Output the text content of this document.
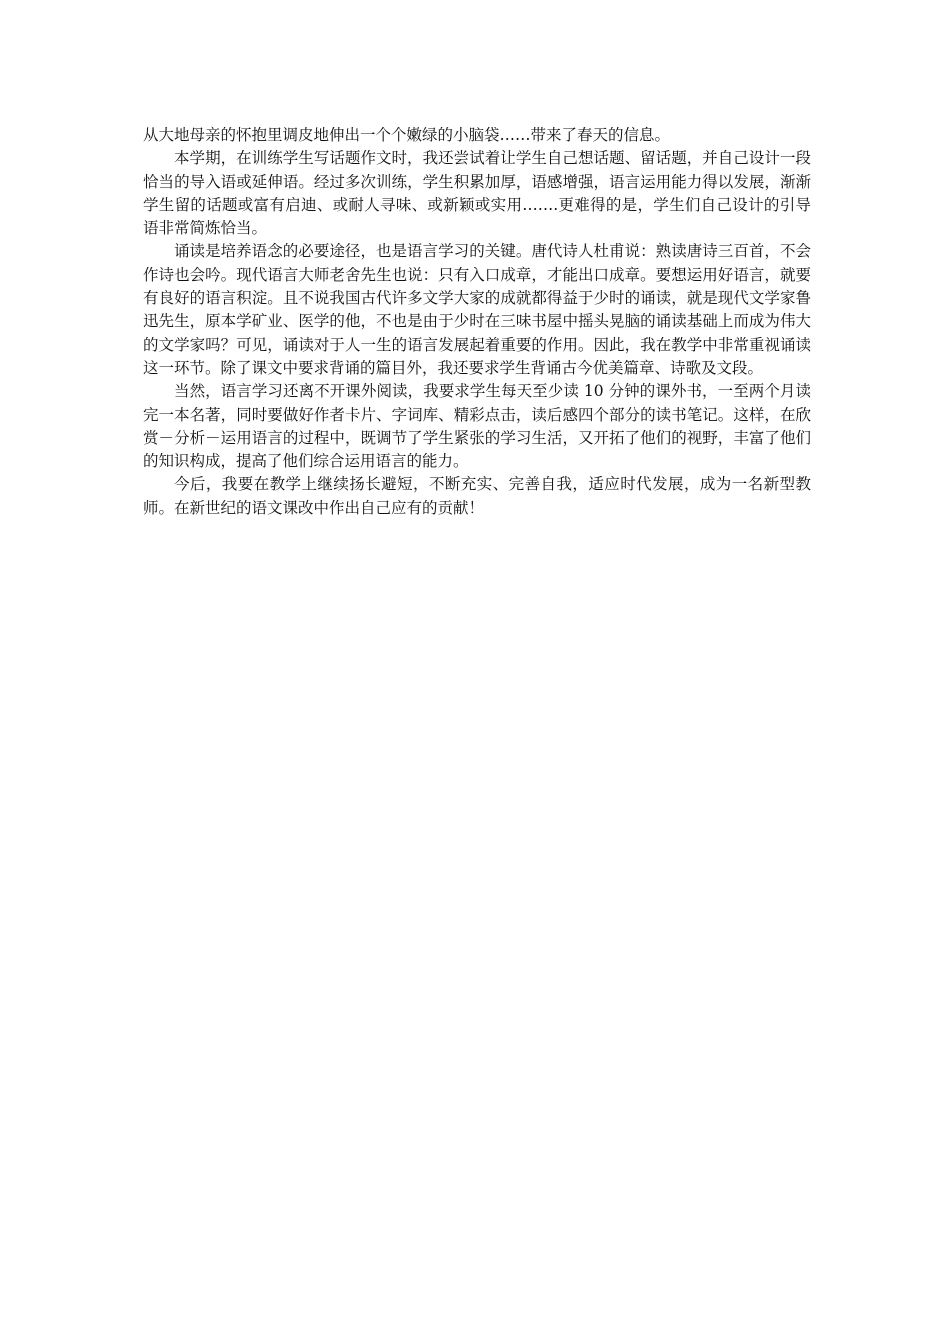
从大地母亲的怀抱里调皮地伸出一个个嫩绿的小脑袋……带来了春天的信息。

本学期，在训练学生写话题作文时，我还尝试着让学生自己想话题、留话题，并自己设计一段恰当的导入语或延伸语。经过多次训练，学生积累加厚，语感增强，语言运用能力得以发展，渐渐学生留的话题或富有启迪、或耐人寻味、或新颖或实用…….更难得的是，学生们自己设计的引导语非常简炼恰当。

诵读是培养语念的必要途径，也是语言学习的关键。唐代诗人杜甫说：熟读唐诗三百首，不会作诗也会吟。现代语言大师老舍先生也说：只有入口成章，才能出口成章。要想运用好语言，就要有良好的语言积淀。且不说我国古代许多文学大家的成就都得益于少时的诵读，就是现代文学家鲁迅先生，原本学矿业、医学的他，不也是由于少时在三味书屋中摇头晃脑的诵读基础上而成为伟大的文学家吗？可见，诵读对于人一生的语言发展起着重要的作用。因此，我在教学中非常重视诵读这一环节。除了课文中要求背诵的篇目外，我还要求学生背诵古今优美篇章、诗歌及文段。

当然，语言学习还离不开课外阅读，我要求学生每天至少读 10 分钟的课外书，一至两个月读完一本名著，同时要做好作者卡片、字词库、精彩点击，读后感四个部分的读书笔记。这样，在欣赏－分析－运用语言的过程中，既调节了学生紧张的学习生活，又开拓了他们的视野，丰富了他们的知识构成，提高了他们综合运用语言的能力。

今后，我要在教学上继续扬长避短，不断充实、完善自我，适应时代发展，成为一名新型教师。在新世纪的语文课改中作出自己应有的贡献！
